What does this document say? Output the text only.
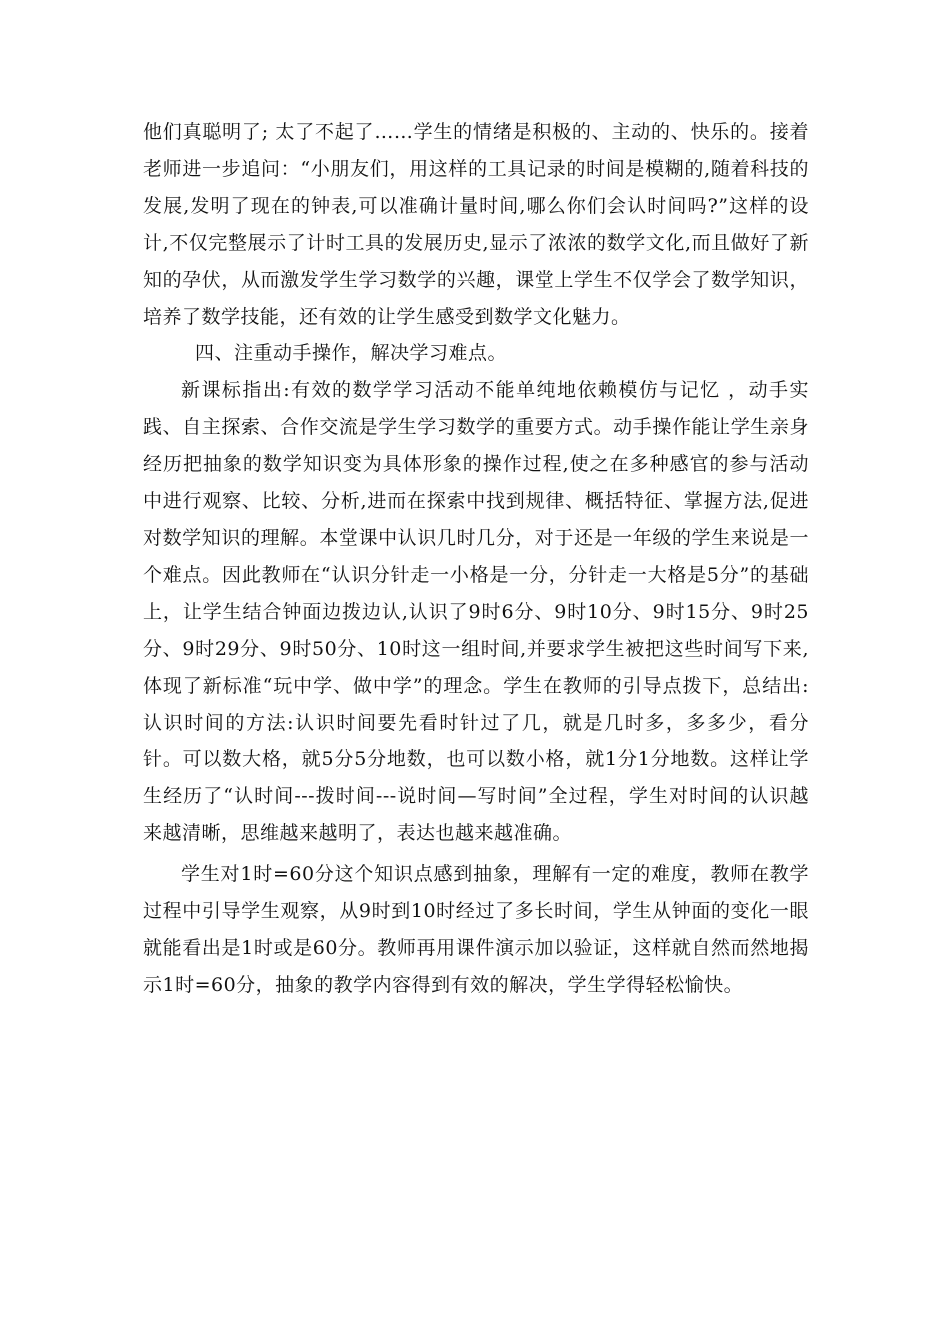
他们真聪明了; 太了不起了……学生的情绪是积极的、主动的、快乐的。接着老师进一步追问：“小朋友们，用这样的工具记录的时间是模糊的,随着科技的发展,发明了现在的钟表,可以准确计量时间,哪么你们会认时间吗?”这样的设计,不仅完整展示了计时工具的发展历史,显示了浓浓的数学文化,而且做好了新知的孕伏，从而激发学生学习数学的兴趣，课堂上学生不仅学会了数学知识，培养了数学技能，还有效的让学生感受到数学文化魅力。

四、注重动手操作，解决学习难点。

新课标指出:有效的数学学习活动不能单纯地依赖模仿与记忆 ，动手实践、自主探索、合作交流是学生学习数学的重要方式。动手操作能让学生亲身经历把抽象的数学知识变为具体形象的操作过程,使之在多种感官的参与活动中进行观察、比较、分析,进而在探索中找到规律、概括特征、掌握方法,促进对数学知识的理解。本堂课中认识几时几分，对于还是一年级的学生来说是一个难点。因此教师在“认识分针走一小格是一分，分针走一大格是5分”的基础上，让学生结合钟面边拨边认,认识了9时6分、9时10分、9时15分、9时25分、9时29分、9时50分、10时这一组时间,并要求学生被把这些时间写下来,体现了新标准“玩中学、做中学”的理念。学生在教师的引导点拨下，总结出:认识时间的方法:认识时间要先看时针过了几，就是几时多，多多少，看分针。可以数大格，就5分5分地数，也可以数小格，就1分1分地数。这样让学生经历了“认时间---拨时间---说时间—写时间”全过程，学生对时间的认识越来越清晰，思维越来越明了，表达也越来越准确。

学生对1时=60分这个知识点感到抽象，理解有一定的难度，教师在教学过程中引导学生观察，从9时到10时经过了多长时间，学生从钟面的变化一眼就能看出是1时或是60分。教师再用课件演示加以验证，这样就自然而然地揭示1时=60分，抽象的教学内容得到有效的解决，学生学得轻松愉快。
